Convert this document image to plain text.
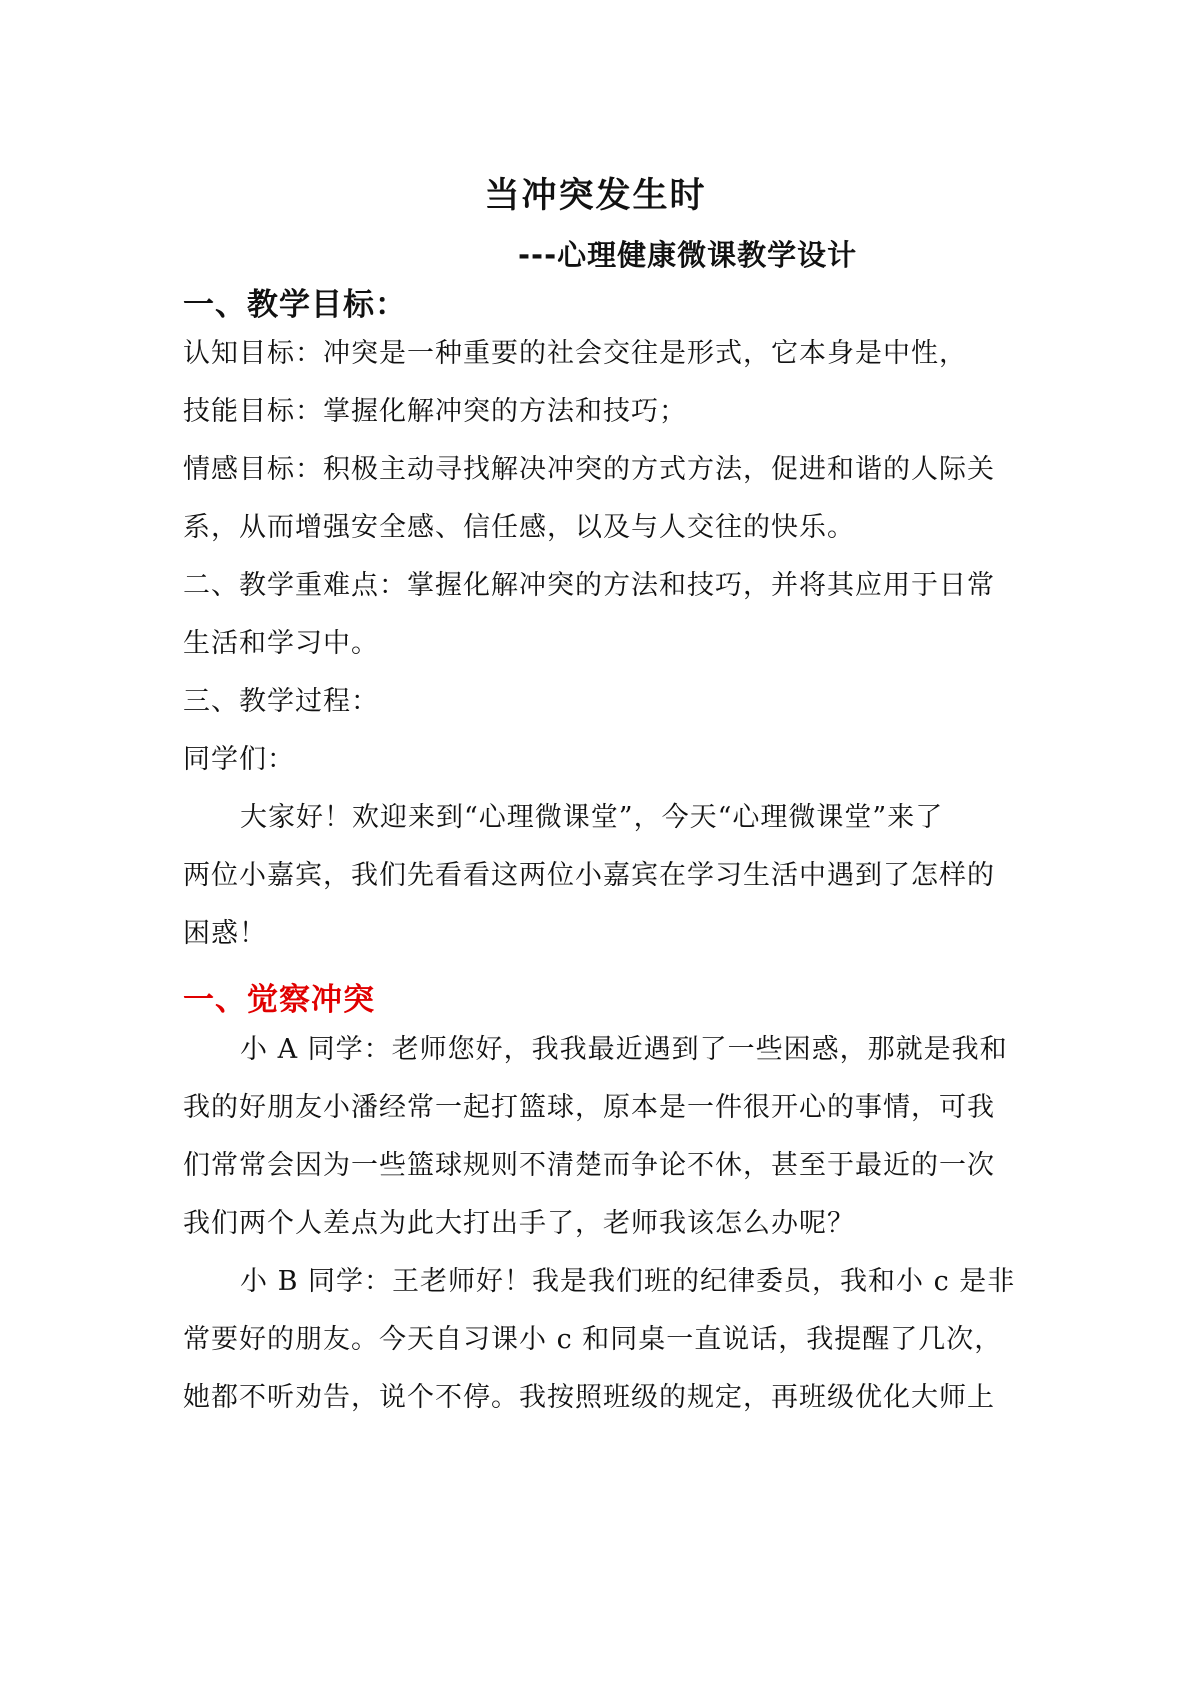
当冲突发生时
---心理健康微课教学设计
一、教学目标：
认知目标：冲突是一种重要的社会交往是形式，它本身是中性，
技能目标：掌握化解冲突的方法和技巧；
情感目标：积极主动寻找解决冲突的方式方法，促进和谐的人际关
系，从而增强安全感、信任感，以及与人交往的快乐。
二、教学重难点：掌握化解冲突的方法和技巧，并将其应用于日常
生活和学习中。
三、教学过程：
同学们：
大家好！欢迎来到“心理微课堂”，今天“心理微课堂”来了
两位小嘉宾，我们先看看这两位小嘉宾在学习生活中遇到了怎样的
困惑！
一、觉察冲突
小 A 同学：老师您好，我我最近遇到了一些困惑，那就是我和
我的好朋友小潘经常一起打篮球，原本是一件很开心的事情，可我
们常常会因为一些篮球规则不清楚而争论不休，甚至于最近的一次
我们两个人差点为此大打出手了，老师我该怎么办呢？
小 B 同学：王老师好！我是我们班的纪律委员，我和小 c 是非
常要好的朋友。今天自习课小 c 和同桌一直说话，我提醒了几次，
她都不听劝告，说个不停。我按照班级的规定，再班级优化大师上
